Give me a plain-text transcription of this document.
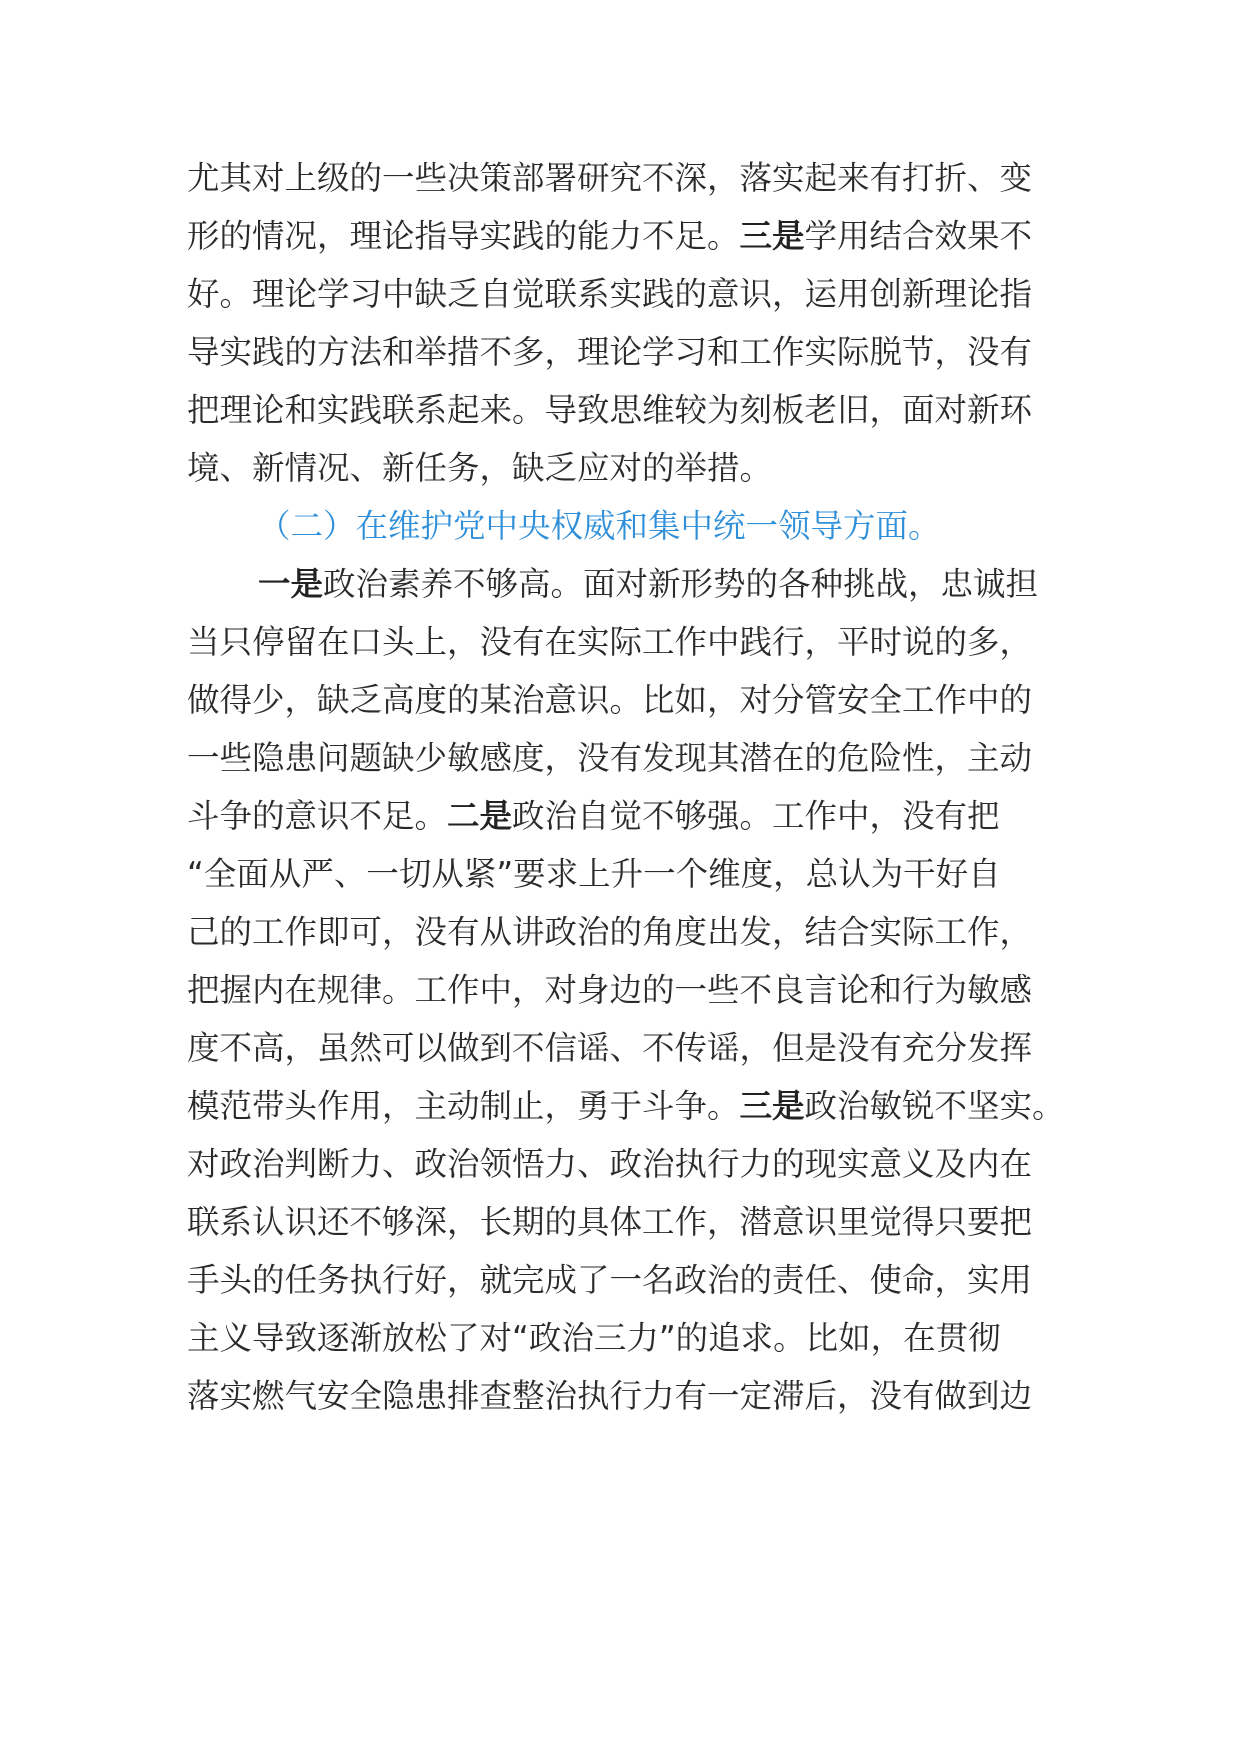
尤其对上级的一些决策部署研究不深，落实起来有打折、变
形的情况，理论指导实践的能力不足。三是学用结合效果不
好。理论学习中缺乏自觉联系实践的意识，运用创新理论指
导实践的方法和举措不多，理论学习和工作实际脱节，没有
把理论和实践联系起来。导致思维较为刻板老旧，面对新环
境、新情况、新任务，缺乏应对的举措。
（二）在维护党中央权威和集中统一领导方面。
一是政治素养不够高。面对新形势的各种挑战，忠诚担
当只停留在口头上，没有在实际工作中践行，平时说的多，
做得少，缺乏高度的某治意识。比如，对分管安全工作中的
一些隐患问题缺少敏感度，没有发现其潜在的危险性，主动
斗争的意识不足。二是政治自觉不够强。工作中，没有把
“全面从严、一切从紧”要求上升一个维度，总认为干好自
己的工作即可，没有从讲政治的角度出发，结合实际工作，
把握内在规律。工作中，对身边的一些不良言论和行为敏感
度不高，虽然可以做到不信谣、不传谣，但是没有充分发挥
模范带头作用，主动制止，勇于斗争。三是政治敏锐不坚实。
对政治判断力、政治领悟力、政治执行力的现实意义及内在
联系认识还不够深，长期的具体工作，潜意识里觉得只要把
手头的任务执行好，就完成了一名政治的责任、使命，实用
主义导致逐渐放松了对“政治三力”的追求。比如，在贯彻
落实燃气安全隐患排查整治执行力有一定滞后，没有做到边
